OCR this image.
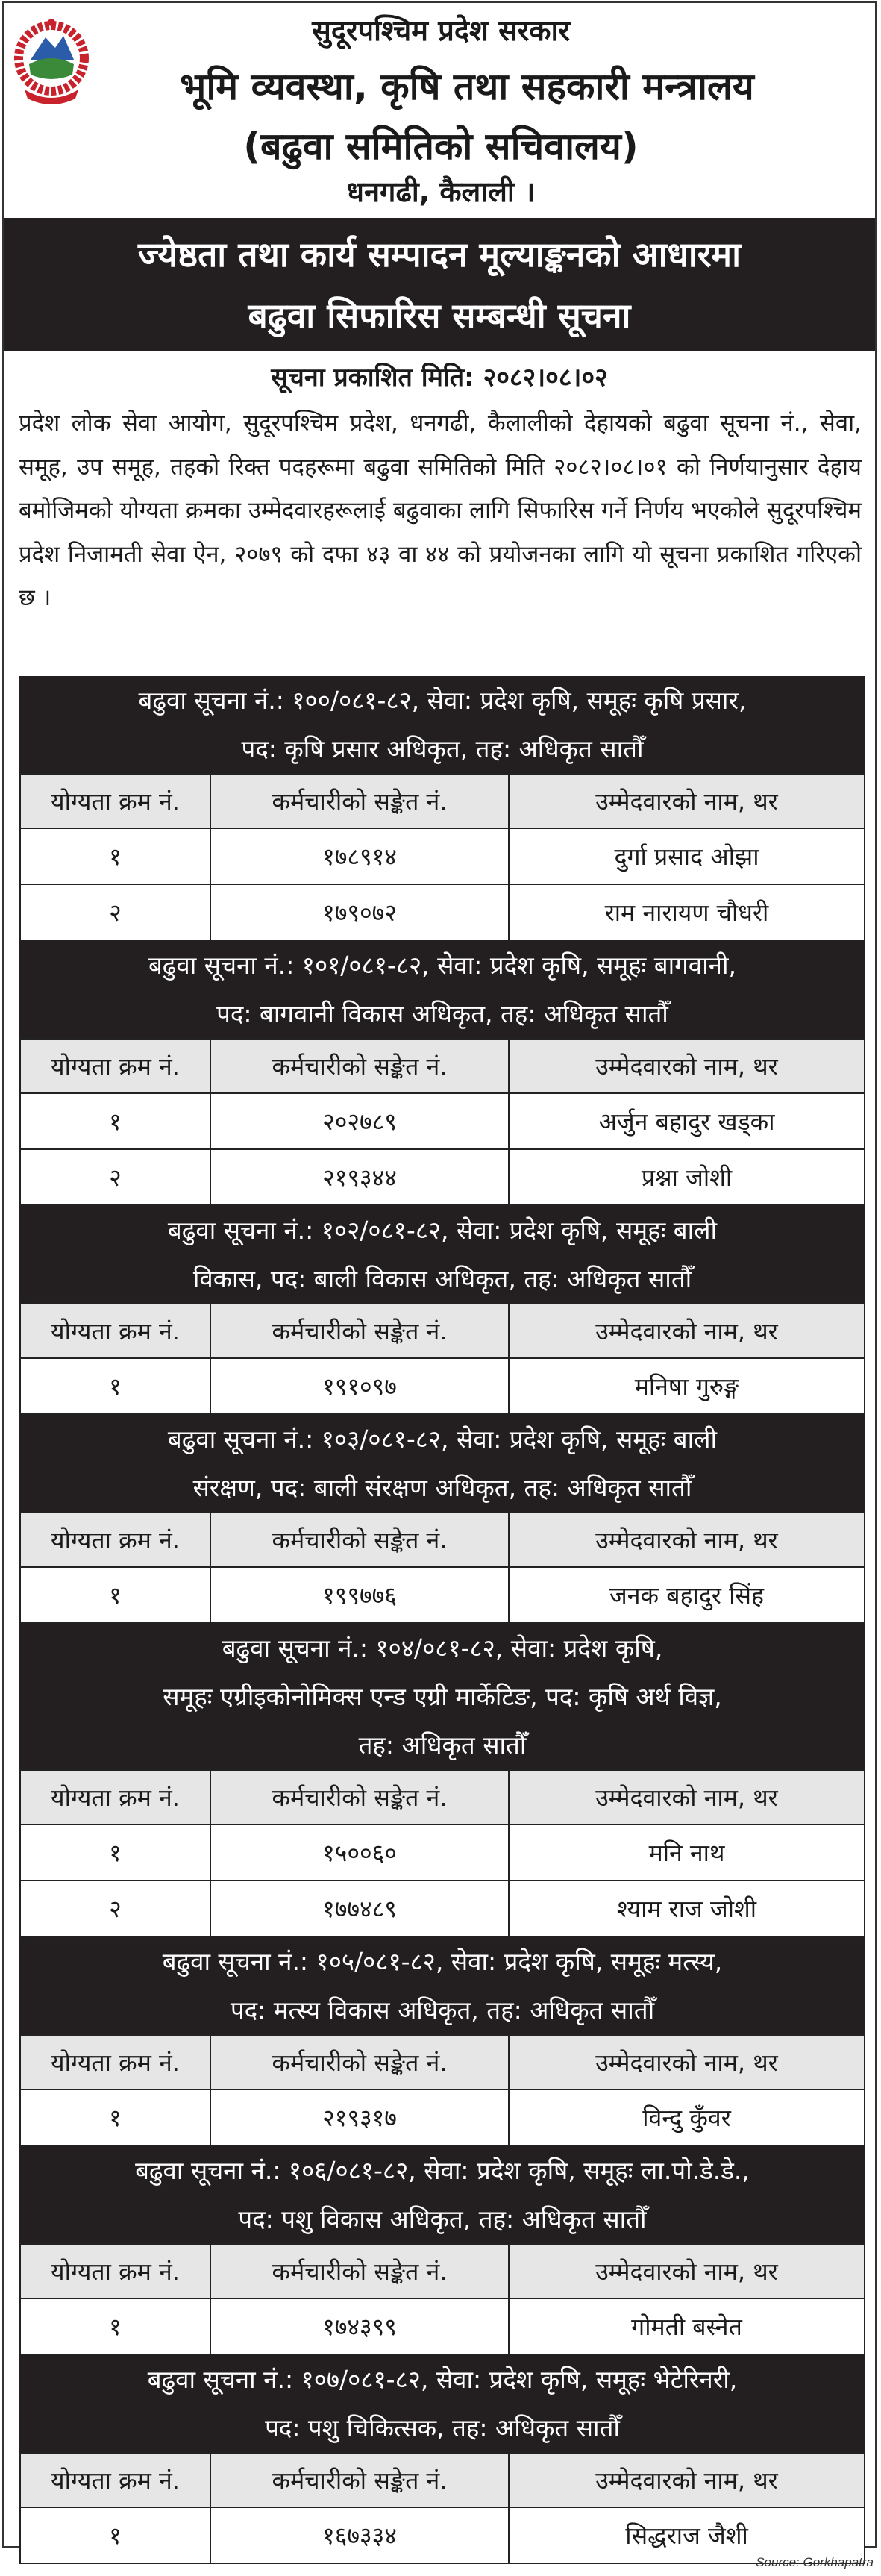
सुदूरपश्चिम प्रदेश सरकार
भूमि व्यवस्था, कृषि तथा सहकारी मन्त्रालय
(बढुवा समितिको सचिवालय)
धनगढी, कैलाली ।
ज्येष्ठता तथा कार्य सम्पादन मूल्याङ्कनको आधारमा
बढुवा सिफारिस सम्बन्धी सूचना
सूचना प्रकाशित मिति: २०८२।०८।०२
प्रदेश लोक सेवा आयोग, सुदूरपश्चिम प्रदेश, धनगढी, कैलालीको देहायको बढुवा सूचना नं., सेवा, समूह, उप समूह, तहको रिक्त पदहरूमा बढुवा समितिको मिति २०८२।०८।०१ को निर्णयानुसार देहाय बमोजिमको योग्यता क्रमका उम्मेदवारहरूलाई बढुवाका लागि सिफारिस गर्ने निर्णय भएकोले सुदूरपश्चिम प्रदेश निजामती सेवा ऐन, २०७९ को दफा ४३ वा ४४ को प्रयोजनका लागि यो सूचना प्रकाशित गरिएको छ ।
बढुवा सूचना नं.: १००/०८१-८२, सेवा: प्रदेश कृषि, समूहः कृषि प्रसार,
पद: कृषि प्रसार अधिकृत, तह: अधिकृत सातौँ
योग्यता क्रम नं.	कर्मचारीको सङ्केत नं.	उम्मेदवारको नाम, थर
१	१७८९१४	दुर्गा प्रसाद ओझा
२	१७९०७२	राम नारायण चौधरी
बढुवा सूचना नं.: १०१/०८१-८२, सेवा: प्रदेश कृषि, समूहः बागवानी,
पद: बागवानी विकास अधिकृत, तह: अधिकृत सातौँ
योग्यता क्रम नं.	कर्मचारीको सङ्केत नं.	उम्मेदवारको नाम, थर
१	२०२७८९	अर्जुन बहादुर खड्का
२	२१९३४४	प्रश्ना जोशी
बढुवा सूचना नं.: १०२/०८१-८२, सेवा: प्रदेश कृषि, समूहः बाली
विकास, पद: बाली विकास अधिकृत, तह: अधिकृत सातौँ
योग्यता क्रम नं.	कर्मचारीको सङ्केत नं.	उम्मेदवारको नाम, थर
१	१९१०९७	मनिषा गुरुङ्ग
बढुवा सूचना नं.: १०३/०८१-८२, सेवा: प्रदेश कृषि, समूहः बाली
संरक्षण, पद: बाली संरक्षण अधिकृत, तह: अधिकृत सातौँ
योग्यता क्रम नं.	कर्मचारीको सङ्केत नं.	उम्मेदवारको नाम, थर
१	१९९७७६	जनक बहादुर सिंह
बढुवा सूचना नं.: १०४/०८१-८२, सेवा: प्रदेश कृषि,
समूहः एग्रीइकोनोमिक्स एन्ड एग्री मार्केटिङ, पद: कृषि अर्थ विज्ञ,
तह: अधिकृत सातौँ
योग्यता क्रम नं.	कर्मचारीको सङ्केत नं.	उम्मेदवारको नाम, थर
१	१५००६०	मनि नाथ
२	१७७४८९	श्याम राज जोशी
बढुवा सूचना नं.: १०५/०८१-८२, सेवा: प्रदेश कृषि, समूहः मत्स्य,
पद: मत्स्य विकास अधिकृत, तह: अधिकृत सातौँ
योग्यता क्रम नं.	कर्मचारीको सङ्केत नं.	उम्मेदवारको नाम, थर
१	२१९३१७	विन्दु कुँवर
बढुवा सूचना नं.: १०६/०८१-८२, सेवा: प्रदेश कृषि, समूहः ला.पो.डे.डे.,
पद: पशु विकास अधिकृत, तह: अधिकृत सातौँ
योग्यता क्रम नं.	कर्मचारीको सङ्केत नं.	उम्मेदवारको नाम, थर
१	१७४३९९	गोमती बस्नेत
बढुवा सूचना नं.: १०७/०८१-८२, सेवा: प्रदेश कृषि, समूहः भेटेरिनरी,
पद: पशु चिकित्सक, तह: अधिकृत सातौँ
योग्यता क्रम नं.	कर्मचारीको सङ्केत नं.	उम्मेदवारको नाम, थर
१	१६७३३४	सिद्धराज जैशी
Source: Gorkhapatra
